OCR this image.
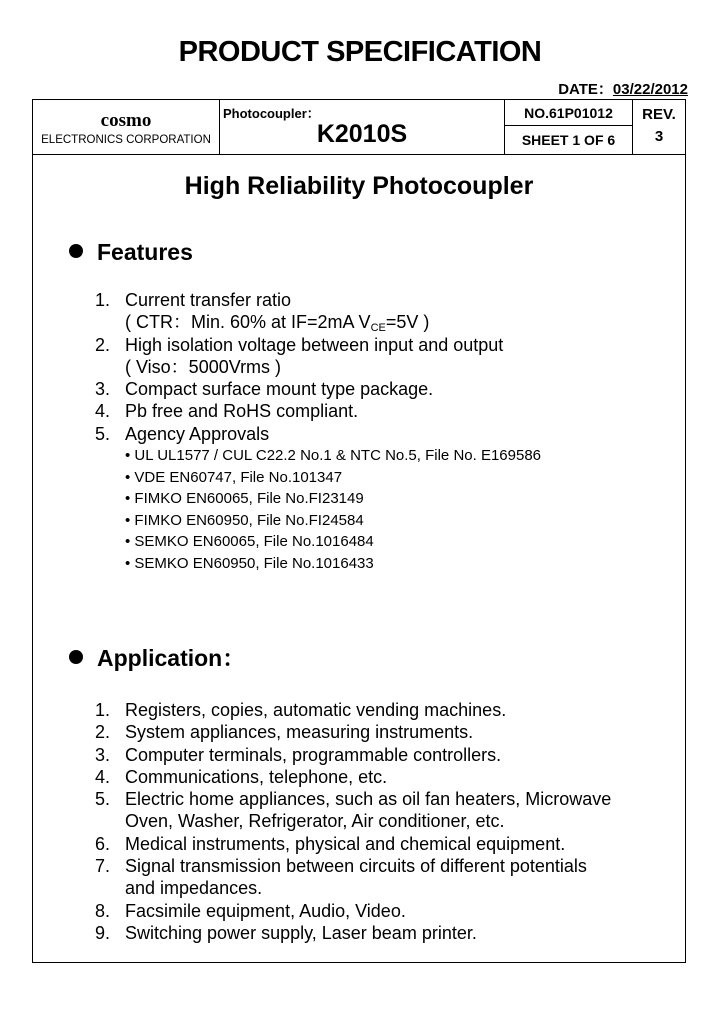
PRODUCT SPECIFICATION
DATE：03/22/2012
cosmo
ELECTRONICS CORPORATION
Photocoupler：
K2010S
NO.61P01012
SHEET 1 OF 6
REV.
3
High Reliability Photocoupler
Features
1. Current transfer ratio
( CTR：Min. 60% at IF=2mA $V_{CE}=5V$ )
2. High isolation voltage between input and output
( Viso：5000Vrms )
3. Compact surface mount type package.
4. Pb free and RoHS compliant.
5. Agency Approvals
• UL UL1577 / CUL C22.2 No.1 & NTC No.5, File No. E169586
• VDE EN60747, File No.101347
• FIMKO EN60065, File No.FI23149
• FIMKO EN60950, File No.FI24584
• SEMKO EN60065, File No.1016484
• SEMKO EN60950, File No.1016433
Application：
1. Registers, copies, automatic vending machines.
2. System appliances, measuring instruments.
3. Computer terminals, programmable controllers.
4. Communications, telephone, etc.
5. Electric home appliances, such as oil fan heaters, Microwave
Oven, Washer, Refrigerator, Air conditioner, etc.
6. Medical instruments, physical and chemical equipment.
7. Signal transmission between circuits of different potentials
and impedances.
8. Facsimile equipment, Audio, Video.
9. Switching power supply, Laser beam printer.
